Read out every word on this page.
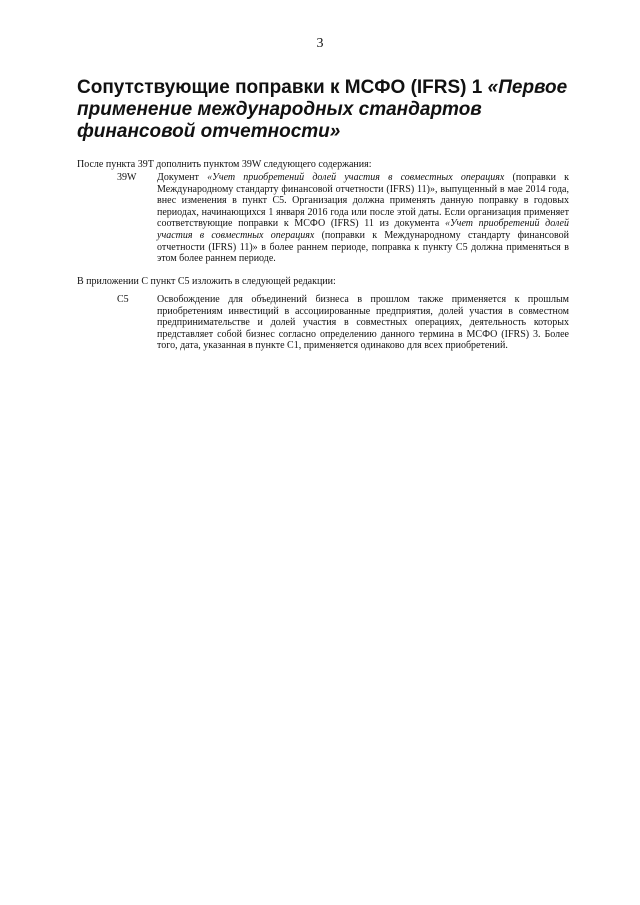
3
Сопутствующие поправки к МСФО (IFRS) 1 «Первое применение международных стандартов финансовой отчетности»

После пункта 39T дополнить пунктом 39W следующего содержания:

39W Документ «Учет приобретений долей участия в совместных операциях (поправки к Международному стандарту финансовой отчетности (IFRS) 11)», выпущенный в мае 2014 года, внес изменения в пункт C5. Организация должна применять данную поправку в годовых периодах, начинающихся 1 января 2016 года или после этой даты. Если организация применяет соответствующие поправки к МСФО (IFRS) 11 из документа «Учет приобретений долей участия в совместных операциях (поправки к Международному стандарту финансовой отчетности (IFRS) 11)» в более раннем периоде, поправка к пункту C5 должна применяться в этом более раннем периоде.

В приложении C пункт C5 изложить в следующей редакции:

C5	Освобождение для объединений бизнеса в прошлом также применяется к прошлым приобретениям инвестиций в ассоциированные предприятия, долей участия в совместном предпринимательстве и долей участия в совместных операциях, деятельность которых представляет собой бизнес согласно определению данного термина в МСФО (IFRS) 3. Более того, дата, указанная в пункте C1, применяется одинаково для всех приобретений.
